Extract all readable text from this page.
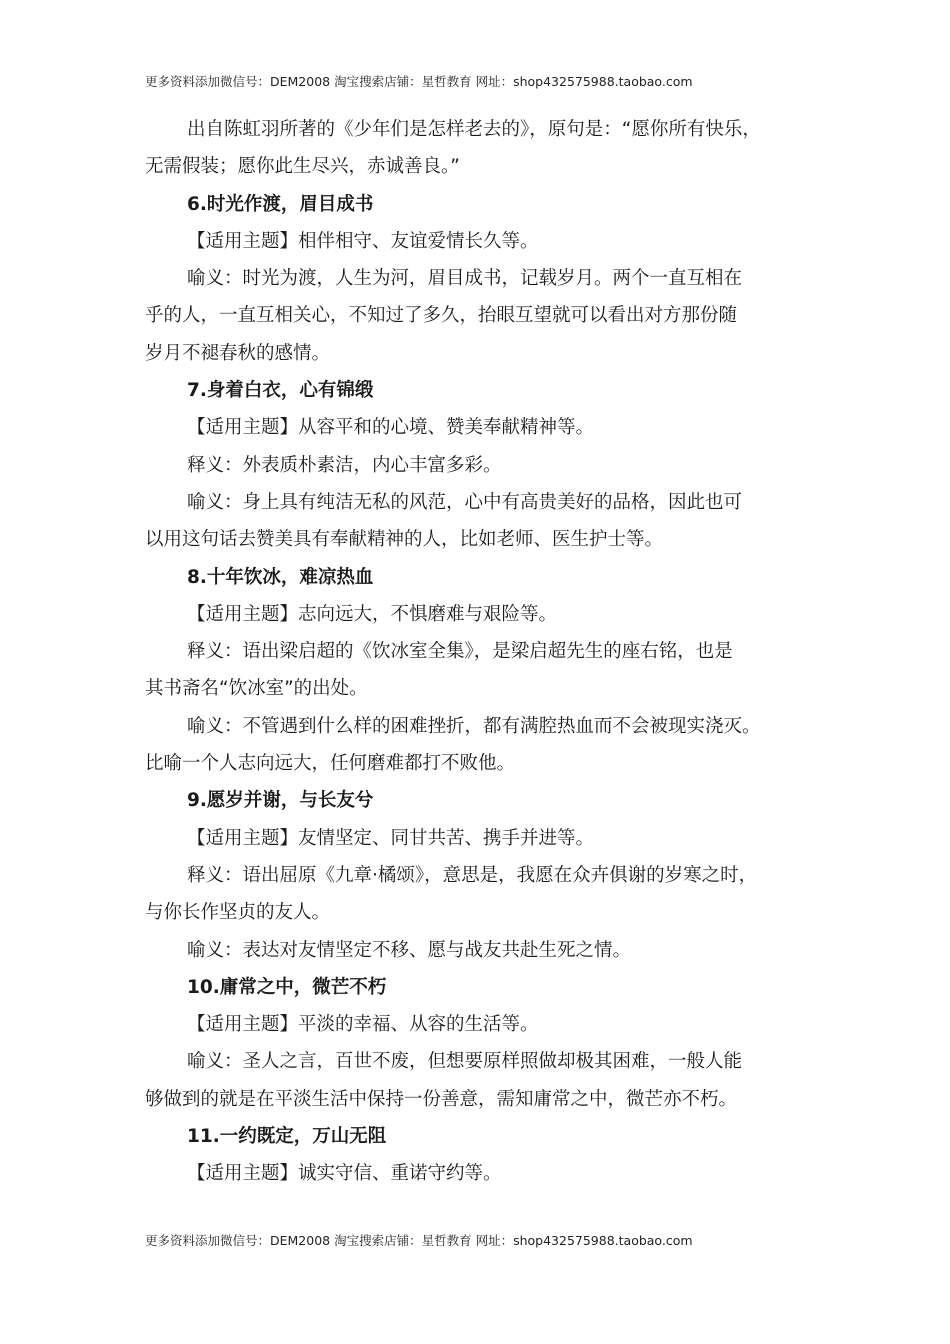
更多资料添加微信号：DEM2008 淘宝搜索店铺：星哲教育 网址：shop432575988.taobao.com
出自陈虹羽所著的《少年们是怎样老去的》，原句是：“愿你所有快乐，
无需假装；愿你此生尽兴，赤诚善良。”
6.时光作渡，眉目成书
【适用主题】相伴相守、友谊爱情长久等。
喻义：时光为渡，人生为河，眉目成书，记载岁月。两个一直互相在
乎的人，一直互相关心，不知过了多久，抬眼互望就可以看出对方那份随
岁月不褪春秋的感情。
7.身着白衣，心有锦缎
【适用主题】从容平和的心境、赞美奉献精神等。
释义：外表质朴素洁，内心丰富多彩。
喻义：身上具有纯洁无私的风范，心中有高贵美好的品格，因此也可
以用这句话去赞美具有奉献精神的人，比如老师、医生护士等。
8.十年饮冰，难凉热血
【适用主题】志向远大，不惧磨难与艰险等。
释义：语出梁启超的《饮冰室全集》，是梁启超先生的座右铭，也是
其书斋名“饮冰室”的出处。
喻义：不管遇到什么样的困难挫折，都有满腔热血而不会被现实浇灭。
比喻一个人志向远大，任何磨难都打不败他。
9.愿岁并谢，与长友兮
【适用主题】友情坚定、同甘共苦、携手并进等。
释义：语出屈原《九章·橘颂》，意思是，我愿在众卉俱谢的岁寒之时，
与你长作坚贞的友人。
喻义：表达对友情坚定不移、愿与战友共赴生死之情。
10.庸常之中，微芒不朽
【适用主题】平淡的幸福、从容的生活等。
喻义：圣人之言，百世不废，但想要原样照做却极其困难，一般人能
够做到的就是在平淡生活中保持一份善意，需知庸常之中，微芒亦不朽。
11.一约既定，万山无阻
【适用主题】诚实守信、重诺守约等。
更多资料添加微信号：DEM2008 淘宝搜索店铺：星哲教育 网址：shop432575988.taobao.com
